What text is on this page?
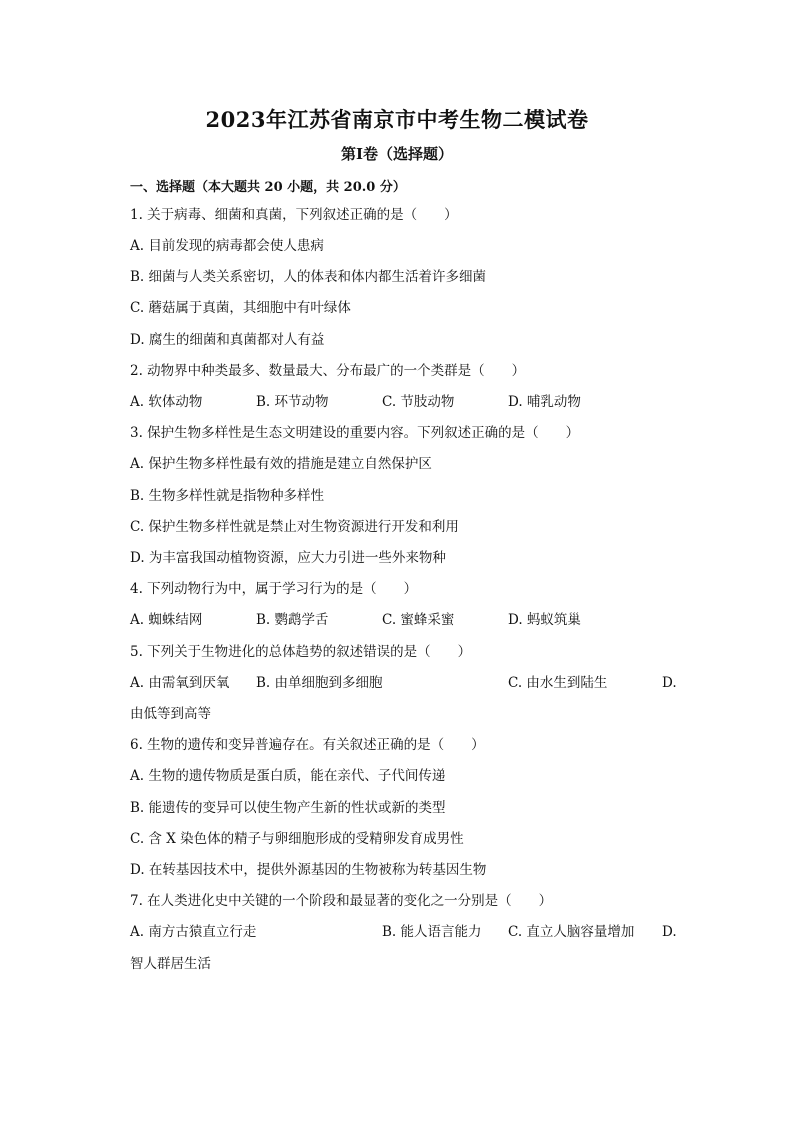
2023年江苏省南京市中考生物二模试卷
第I卷（选择题）
一、选择题（本大题共 20 小题，共 20.0 分）
1. 关于病毒、细菌和真菌，下列叙述正确的是（　　）
A. 目前发现的病毒都会使人患病
B. 细菌与人类关系密切，人的体表和体内都生活着许多细菌
C. 蘑菇属于真菌，其细胞中有叶绿体
D. 腐生的细菌和真菌都对人有益
2. 动物界中种类最多、数量最大、分布最广的一个类群是（　　）
A. 软体动物	B. 环节动物	C. 节肢动物	D. 哺乳动物
3. 保护生物多样性是生态文明建设的重要内容。下列叙述正确的是（　　）
A. 保护生物多样性最有效的措施是建立自然保护区
B. 生物多样性就是指物种多样性
C. 保护生物多样性就是禁止对生物资源进行开发和利用
D. 为丰富我国动植物资源，应大力引进一些外来物种
4. 下列动物行为中，属于学习行为的是（　　）
A. 蜘蛛结网	B. 鹦鹉学舌	C. 蜜蜂采蜜	D. 蚂蚁筑巢
5. 下列关于生物进化的总体趋势的叙述错误的是（　　）
A. 由需氧到厌氧 B. 由单细胞到多细胞	C. 由水生到陆生	D.
由低等到高等
6. 生物的遗传和变异普遍存在。有关叙述正确的是（　　）
A. 生物的遗传物质是蛋白质，能在亲代、子代间传递
B. 能遗传的变异可以使生物产生新的性状或新的类型
C. 含 X 染色体的精子与卵细胞形成的受精卵发育成男性
D. 在转基因技术中，提供外源基因的生物被称为转基因生物
7. 在人类进化史中关键的一个阶段和最显著的变化之一分别是（　　）
A. 南方古猿直立行走	B. 能人语言能力 C. 直立人脑容量增加 D.
智人群居生活
